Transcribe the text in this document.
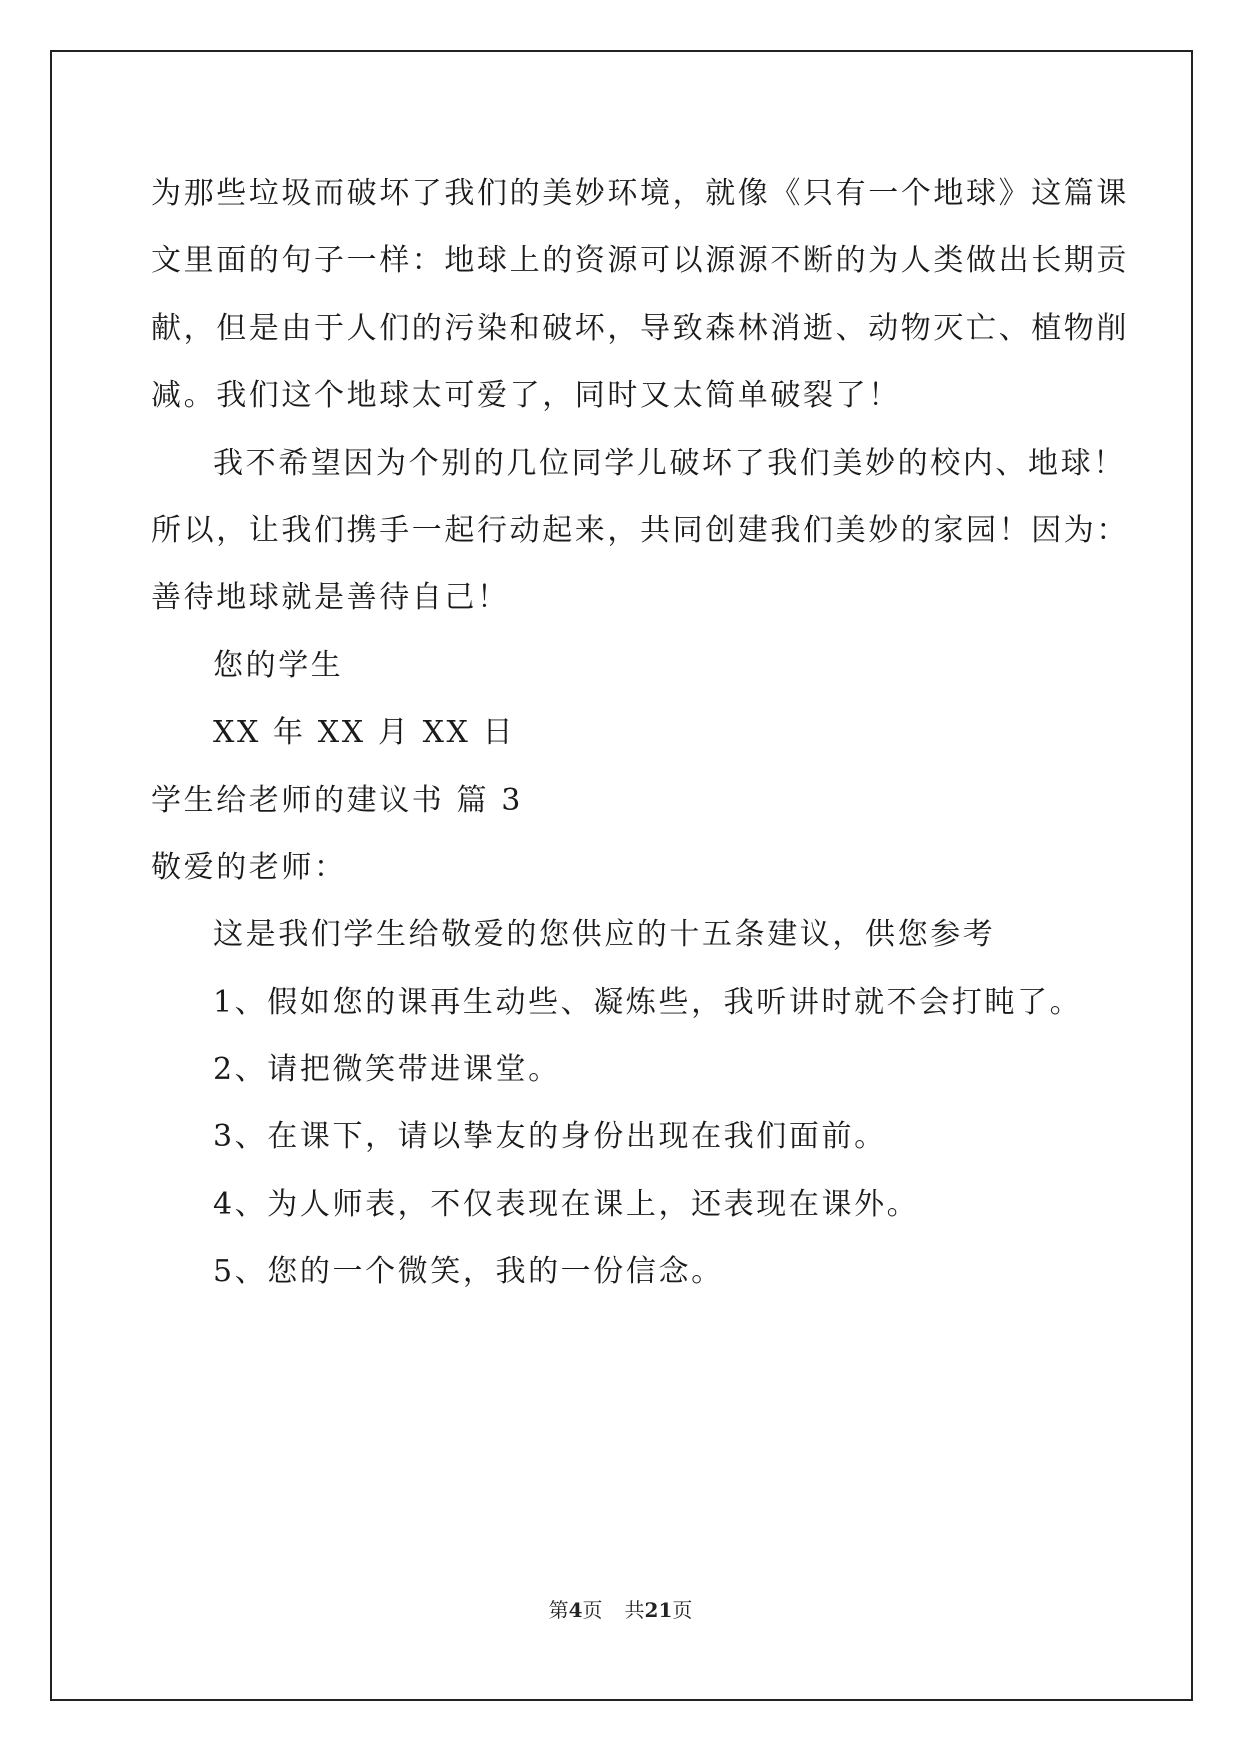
为那些垃圾而破坏了我们的美妙环境，就像《只有一个地球》这篇课
文里面的句子一样：地球上的资源可以源源不断的为人类做出长期贡
献，但是由于人们的污染和破坏，导致森林消逝、动物灭亡、植物削
减。我们这个地球太可爱了，同时又太简单破裂了！
我不希望因为个别的几位同学儿破坏了我们美妙的校内、地球！
所以，让我们携手一起行动起来，共同创建我们美妙的家园！因为：
善待地球就是善待自己！
您的学生
XX 年 XX 月 XX 日
学生给老师的建议书 篇 3
敬爱的老师：
这是我们学生给敬爱的您供应的十五条建议，供您参考
1、假如您的课再生动些、凝炼些，我听讲时就不会打盹了。
2、请把微笑带进课堂。
3、在课下，请以挚友的身份出现在我们面前。
4、为人师表，不仅表现在课上，还表现在课外。
5、您的一个微笑，我的一份信念。
第4页 共21页
